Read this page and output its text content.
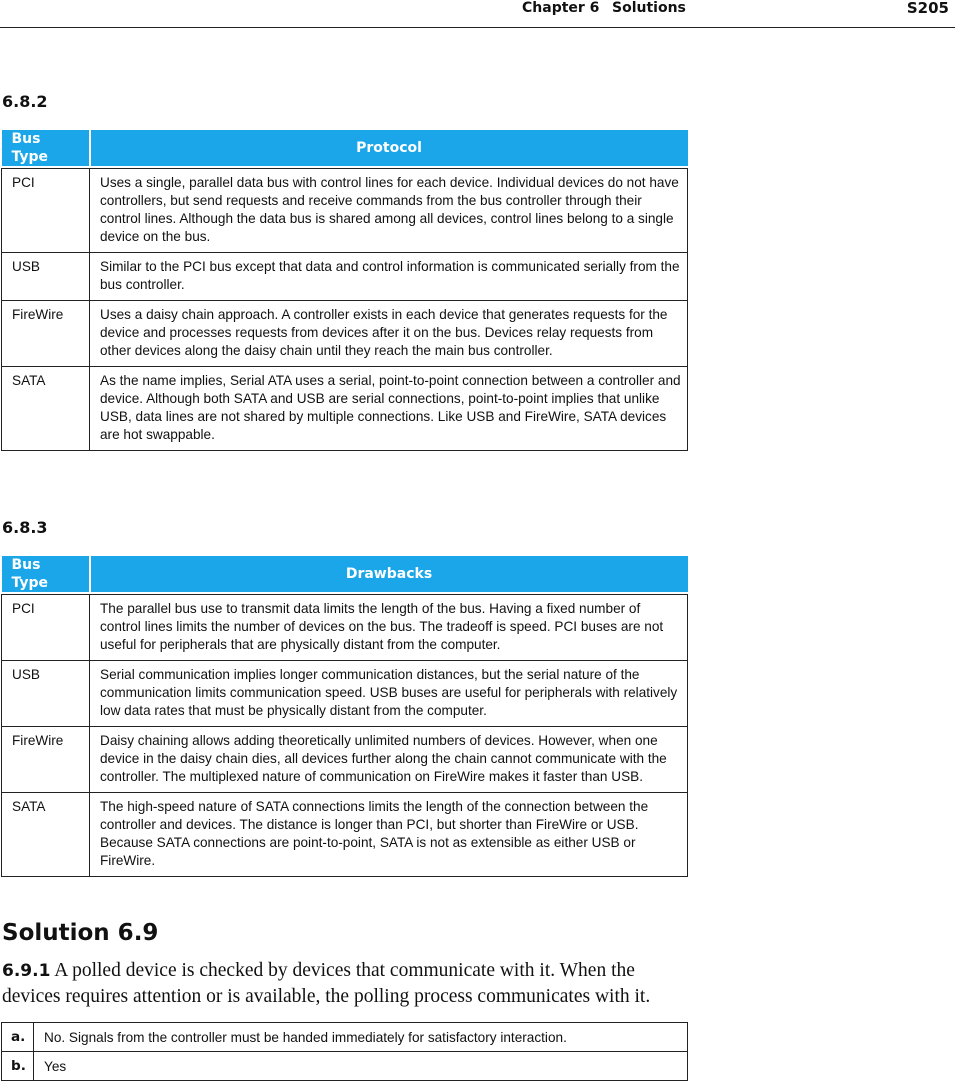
Chapter 6 Solutions	S205
6.8.2
Bus Type	Protocol

PCI	Uses a single, parallel data bus with control lines for each device. Individual devices do not have controllers, but send requests and receive commands from the bus controller through their control lines. Although the data bus is shared among all devices, control lines belong to a single device on the bus.
USB	Similar to the PCI bus except that data and control information is communicated serially from the bus controller.
FireWire	Uses a daisy chain approach. A controller exists in each device that generates requests for the device and processes requests from devices after it on the bus. Devices relay requests from other devices along the daisy chain until they reach the main bus controller.
SATA	As the name implies, Serial ATA uses a serial, point-to-point connection between a controller and device. Although both SATA and USB are serial connections, point-to-point implies that unlike USB, data lines are not shared by multiple connections. Like USB and FireWire, SATA devices are hot swappable.
6.8.3
Bus Type	Drawbacks

PCI	The parallel bus use to transmit data limits the length of the bus. Having a fixed number of control lines limits the number of devices on the bus. The tradeoff is speed. PCI buses are not useful for peripherals that are physically distant from the computer.
USB	Serial communication implies longer communication distances, but the serial nature of the communication limits communication speed. USB buses are useful for peripherals with relatively low data rates that must be physically distant from the computer.
FireWire	Daisy chaining allows adding theoretically unlimited numbers of devices. However, when one device in the daisy chain dies, all devices further along the chain cannot communicate with the controller. The multiplexed nature of communication on FireWire makes it faster than USB.
SATA	The high-speed nature of SATA connections limits the length of the connection between the controller and devices. The distance is longer than PCI, but shorter than FireWire or USB. Because SATA connections are point-to-point, SATA is not as extensible as either USB or FireWire.
Solution 6.9
6.9.1 A polled device is checked by devices that communicate with it. When the devices requires attention or is available, the polling process communicates with it.
a.	No. Signals from the controller must be handed immediately for satisfactory interaction.
b.	Yes
